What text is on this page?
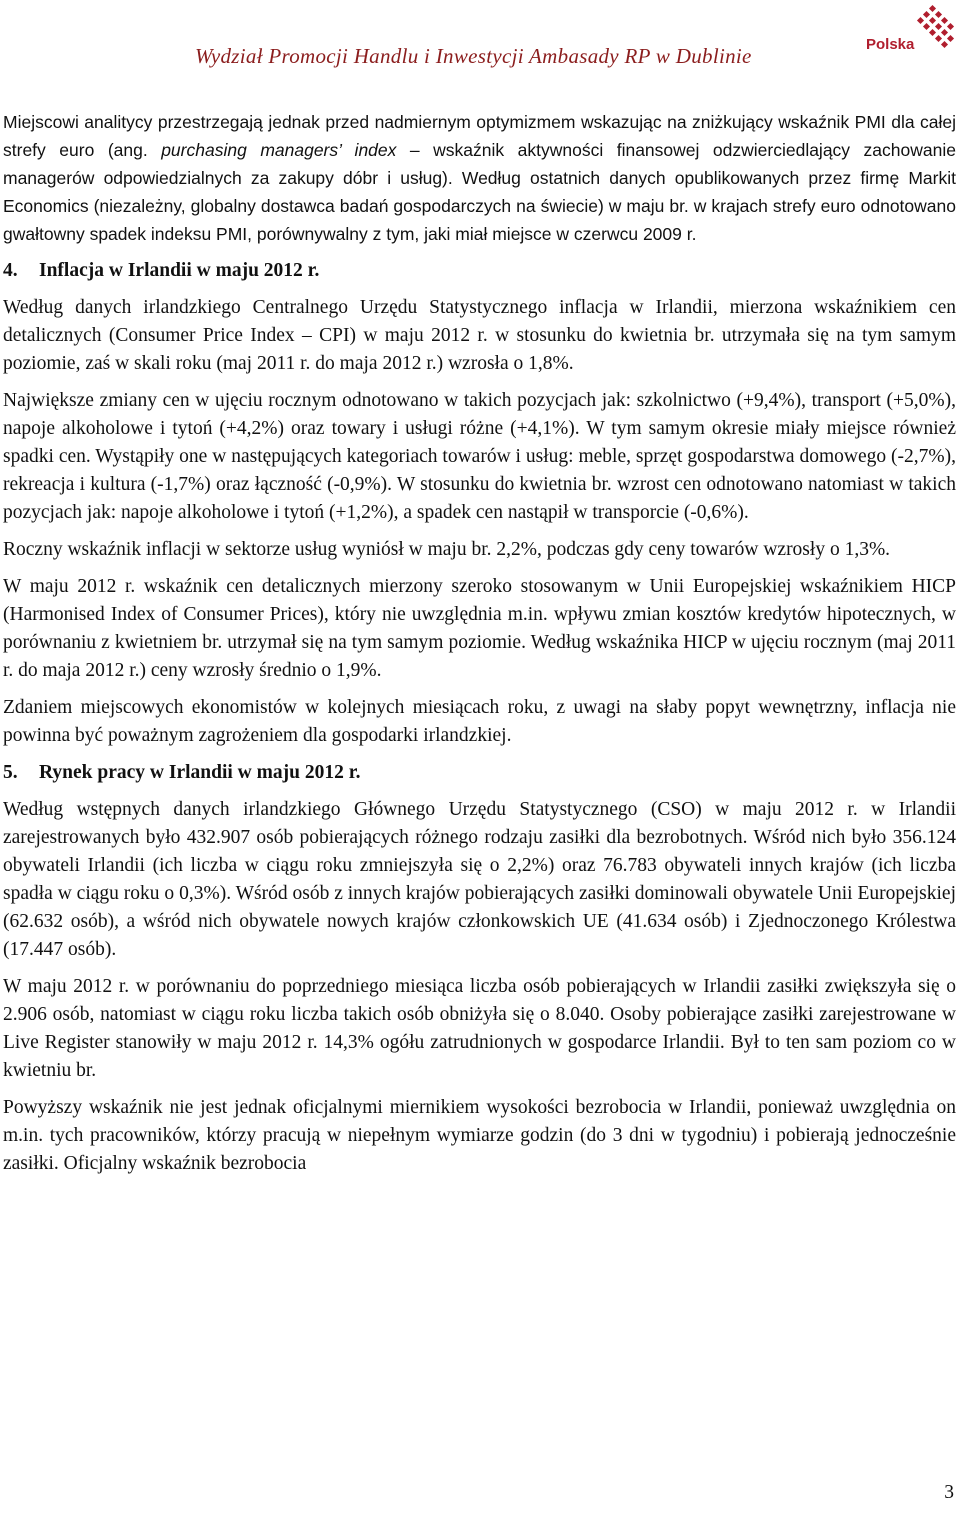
Wydział Promocji Handlu i Inwestycji Ambasady RP w Dublinie	Polska

Miejscowi analitycy przestrzegają jednak przed nadmiernym optymizmem wskazując na zniżkujący wskaźnik PMI dla całej strefy euro (ang. purchasing managers’ index – wskaźnik aktywności finansowej odzwierciedlający zachowanie managerów odpowiedzialnych za zakupy dóbr i usług). Według ostatnich danych opublikowanych przez firmę Markit Economics (niezależny, globalny dostawca badań gospodarczych na świecie) w maju br. w krajach strefy euro odnotowano gwałtowny spadek indeksu PMI, porównywalny z tym, jaki miał miejsce w czerwcu 2009 r.

4. Inflacja w Irlandii w maju 2012 r.

Według danych irlandzkiego Centralnego Urzędu Statystycznego inflacja w Irlandii, mierzona wskaźnikiem cen detalicznych (Consumer Price Index – CPI) w maju 2012 r. w stosunku do kwietnia br. utrzymała się na tym samym poziomie, zaś w skali roku (maj 2011 r. do maja 2012 r.) wzrosła o 1,8%.

Największe zmiany cen w ujęciu rocznym odnotowano w takich pozycjach jak: szkolnictwo (+9,4%), transport (+5,0%), napoje alkoholowe i tytoń (+4,2%) oraz towary i usługi różne (+4,1%). W tym samym okresie miały miejsce również spadki cen. Wystąpiły one w następujących kategoriach towarów i usług: meble, sprzęt gospodarstwa domowego (-2,7%), rekreacja i kultura (-1,7%) oraz łączność (-0,9%). W stosunku do kwietnia br. wzrost cen odnotowano natomiast w takich pozycjach jak: napoje alkoholowe i tytoń (+1,2%), a spadek cen nastąpił w transporcie (-0,6%).

Roczny wskaźnik inflacji w sektorze usług wyniósł w maju br. 2,2%, podczas gdy ceny towarów wzrosły o 1,3%.

W maju 2012 r. wskaźnik cen detalicznych mierzony szeroko stosowanym w Unii Europejskiej wskaźnikiem HICP (Harmonised Index of Consumer Prices), który nie uwzględnia m.in. wpływu zmian kosztów kredytów hipotecznych, w porównaniu z kwietniem br. utrzymał się na tym samym poziomie. Według wskaźnika HICP w ujęciu rocznym (maj 2011 r. do maja 2012 r.) ceny wzrosły średnio o 1,9%.

Zdaniem miejscowych ekonomistów w kolejnych miesiącach roku, z uwagi na słaby popyt wewnętrzny, inflacja nie powinna być poważnym zagrożeniem dla gospodarki irlandzkiej.

5. Rynek pracy w Irlandii w maju 2012 r.

Według wstępnych danych irlandzkiego Głównego Urzędu Statystycznego (CSO) w maju 2012 r. w Irlandii zarejestrowanych było 432.907 osób pobierających różnego rodzaju zasiłki dla bezrobotnych. Wśród nich było 356.124 obywateli Irlandii (ich liczba w ciągu roku zmniejszyła się o 2,2%) oraz 76.783 obywateli innych krajów (ich liczba spadła w ciągu roku o 0,3%). Wśród osób z innych krajów pobierających zasiłki dominowali obywatele Unii Europejskiej (62.632 osób), a wśród nich obywatele nowych krajów członkowskich UE (41.634 osób) i Zjednoczonego Królestwa (17.447 osób).

W maju 2012 r. w porównaniu do poprzedniego miesiąca liczba osób pobierających w Irlandii zasiłki zwiększyła się o 2.906 osób, natomiast w ciągu roku liczba takich osób obniżyła się o 8.040. Osoby pobierające zasiłki zarejestrowane w Live Register stanowiły w maju 2012 r. 14,3% ogółu zatrudnionych w gospodarce Irlandii. Był to ten sam poziom co w kwietniu br.

Powyższy wskaźnik nie jest jednak oficjalnymi miernikiem wysokości bezrobocia w Irlandii, ponieważ uwzględnia on m.in. tych pracowników, którzy pracują w niepełnym wymiarze godzin (do 3 dni w tygodniu) i pobierają jednocześnie zasiłki. Oficjalny wskaźnik bezrobocia

3
